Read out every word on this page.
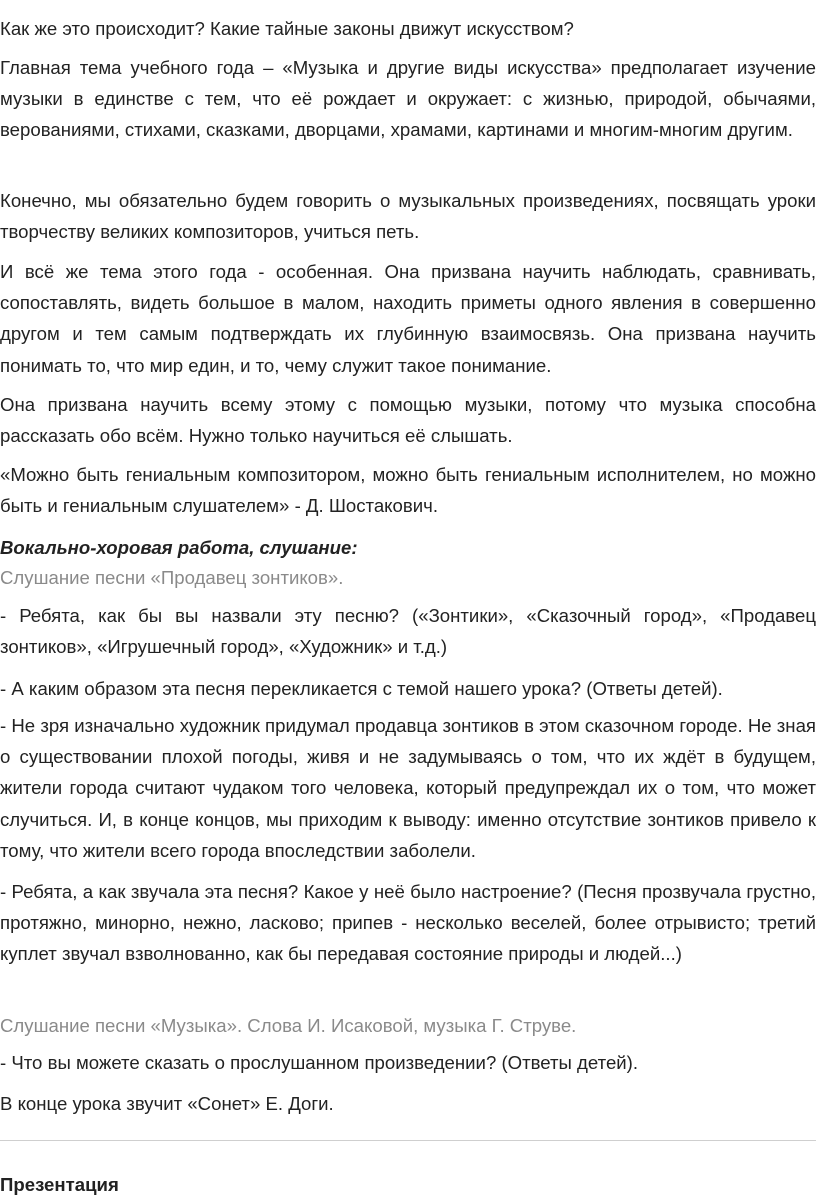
Как же это происходит? Какие тайные законы движут искусством?

Главная тема учебного года – «Музыка и другие виды искусства» предполагает изучение музыки в единстве с тем, что её рождает и окружает: с жизнью, природой, обычаями, верованиями, стихами, сказками, дворцами, храмами, картинами и многим-многим другим.

Конечно, мы обязательно будем говорить о музыкальных произведениях, посвящать уроки творчеству великих композиторов, учиться петь.

И всё же тема этого года - особенная. Она призвана научить наблюдать, сравнивать, сопоставлять, видеть большое в малом, находить приметы одного явления в совершенно другом и тем самым подтверждать их глубинную взаимосвязь. Она призвана научить понимать то, что мир един, и то, чему служит такое понимание.

Она призвана научить всему этому с помощью музыки, потому что музыка способна рассказать обо всём. Нужно только научиться её слышать.

«Можно быть гениальным композитором, можно быть гениальным исполнителем, но можно быть и гениальным слушателем» - Д. Шостакович.

Вокально-хоровая работа, слушание:

Слушание песни «Продавец зонтиков».

- Ребята, как бы вы назвали эту песню? («Зонтики», «Сказочный город», «Продавец зонтиков», «Игрушечный город», «Художник» и т.д.)

- А каким образом эта песня перекликается с темой нашего урока? (Ответы детей).

- Не зря изначально художник придумал продавца зонтиков в этом сказочном городе. Не зная о существовании плохой погоды, живя и не задумываясь о том, что их ждёт в будущем, жители города считают чудаком того человека, который предупреждал их о том, что может случиться. И, в конце концов, мы приходим к выводу: именно отсутствие зонтиков привело к тому, что жители всего города впоследствии заболели.

- Ребята, а как звучала эта песня? Какое у неё было настроение? (Песня прозвучала грустно, протяжно, минорно, нежно, ласково; припев - несколько веселей, более отрывисто; третий куплет звучал взволнованно, как бы передавая состояние природы и людей...)

Слушание песни «Музыка». Слова И. Исаковой, музыка Г. Струве.

- Что вы можете сказать о прослушанном произведении? (Ответы детей).

В конце урока звучит «Сонет» Е. Доги.

Презентация
